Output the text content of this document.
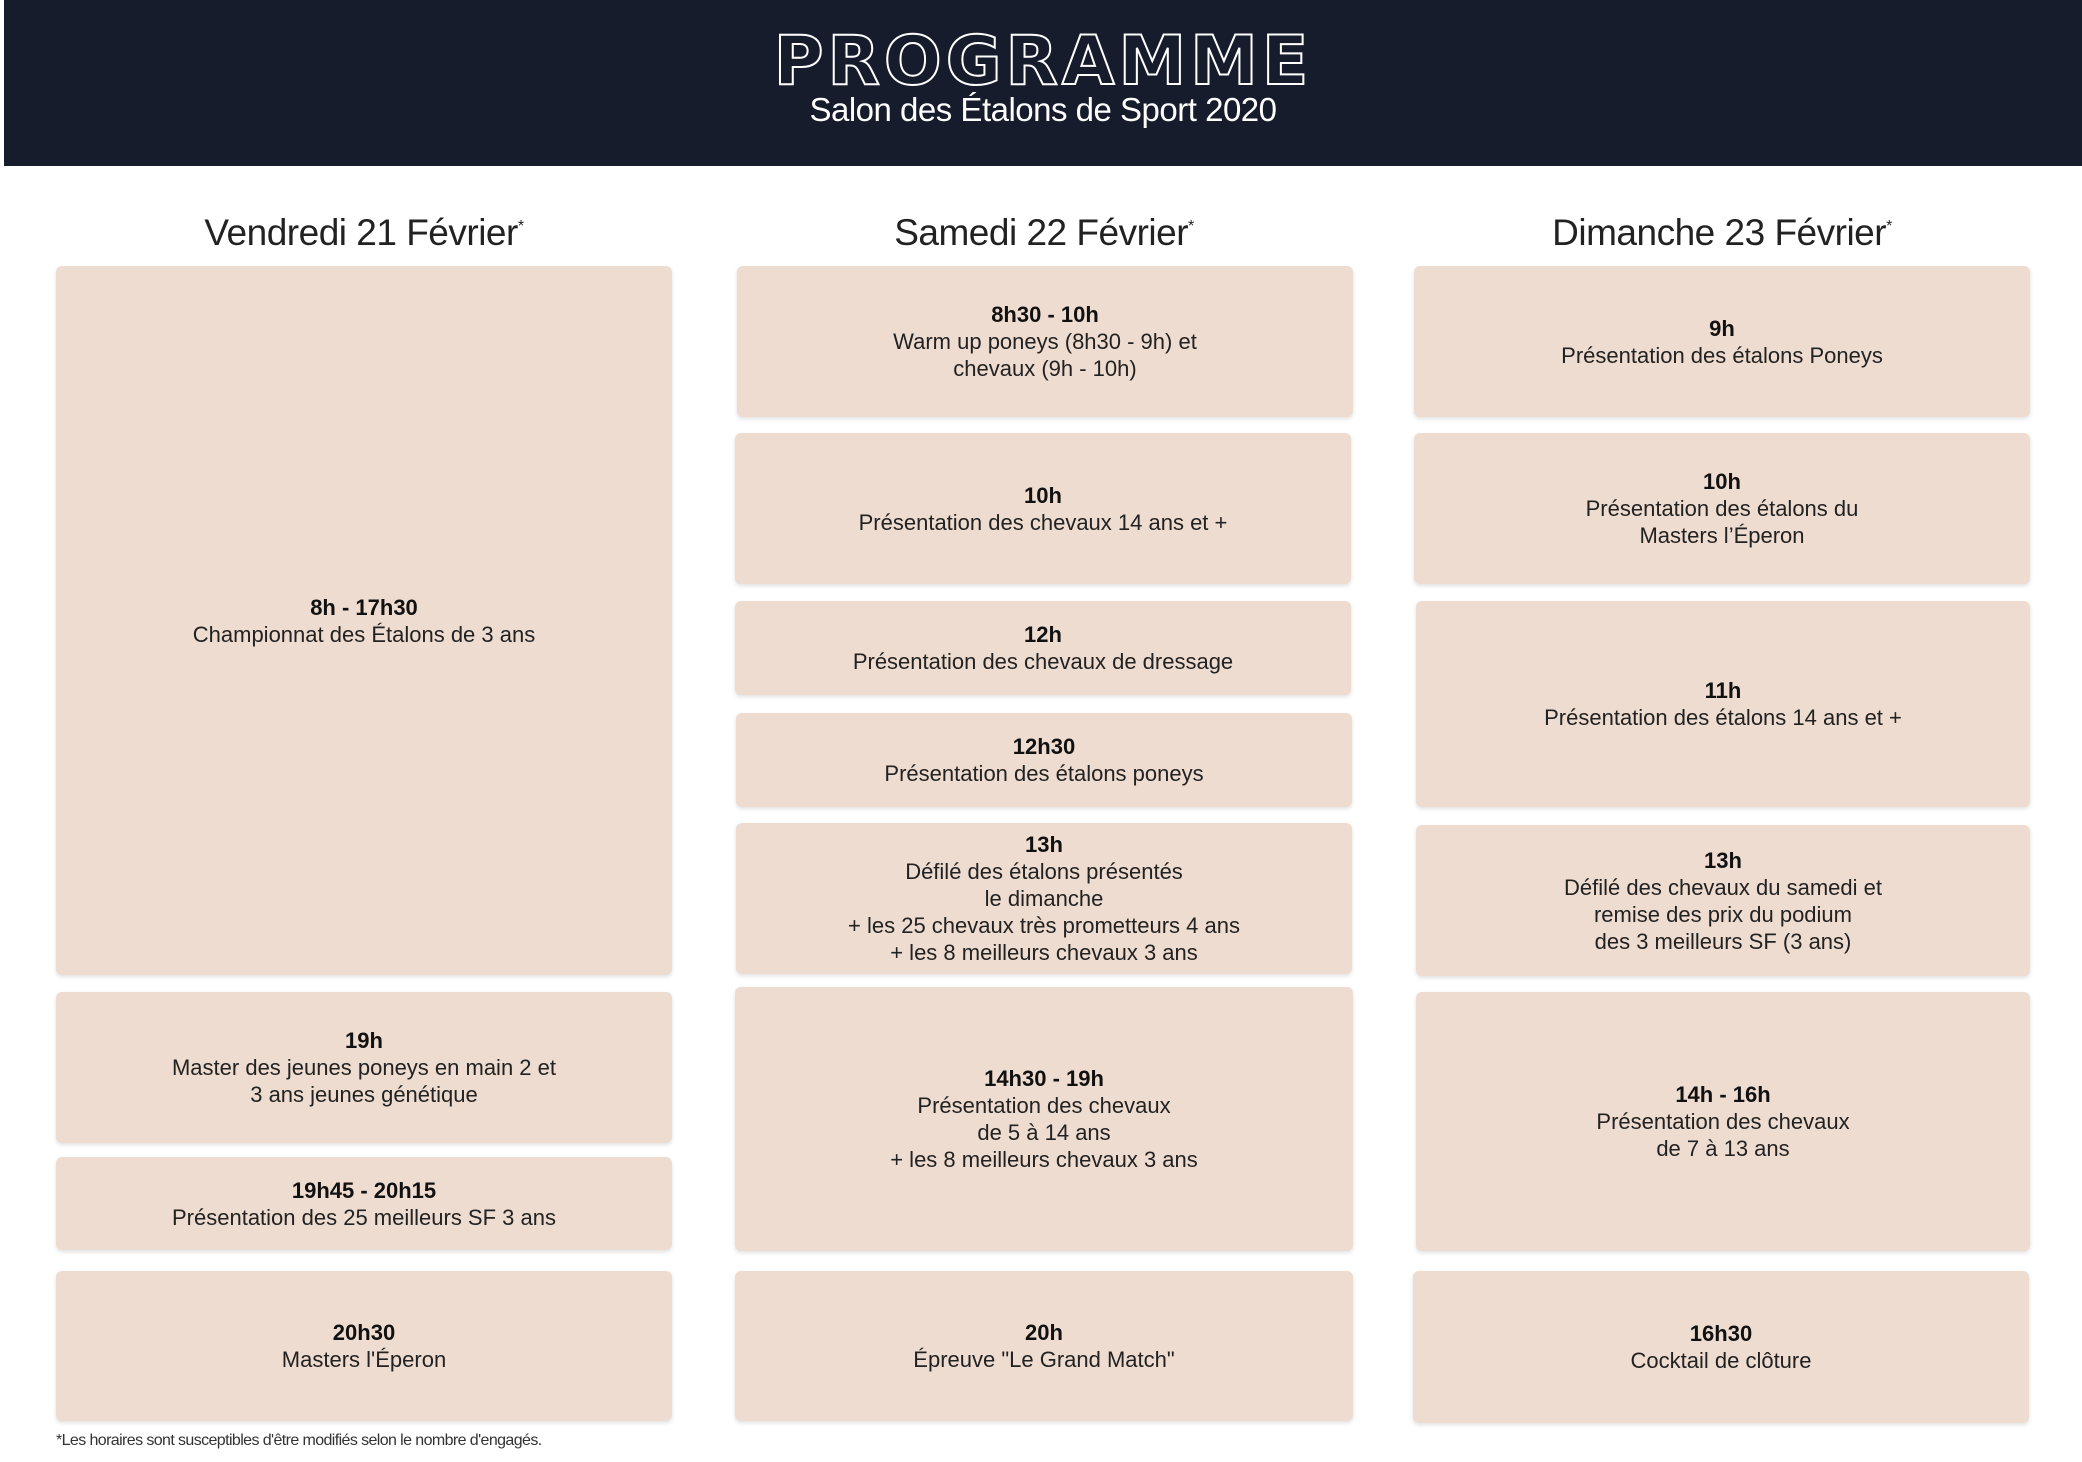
PROGRAMME
Salon des Étalons de Sport 2020
Vendredi 21 Février*	Samedi 22 Février*	Dimanche 23 Février*
8h - 17h30
Championnat des Étalons de 3 ans
19h
Master des jeunes poneys en main 2 et
3 ans jeunes génétique
19h45 - 20h15
Présentation des 25 meilleurs SF 3 ans
20h30
Masters l'Éperon
8h30 - 10h
Warm up poneys (8h30 - 9h) et
chevaux (9h - 10h)
10h
Présentation des chevaux 14 ans et +
12h
Présentation des chevaux de dressage
12h30
Présentation des étalons poneys
13h
Défilé des étalons présentés
le dimanche
+ les 25 chevaux très prometteurs 4 ans
+ les 8 meilleurs chevaux 3 ans
14h30 - 19h
Présentation des chevaux
de 5 à 14 ans
+ les 8 meilleurs chevaux 3 ans
20h
Épreuve "Le Grand Match"
9h
Présentation des étalons Poneys
10h
Présentation des étalons du
Masters l’Éperon
11h
Présentation des étalons 14 ans et +
13h
Défilé des chevaux du samedi et
remise des prix du podium
des 3 meilleurs SF (3 ans)
14h - 16h
Présentation des chevaux
de 7 à 13 ans
16h30
Cocktail de clôture
*Les horaires sont susceptibles d'être modifiés selon le nombre d'engagés.
